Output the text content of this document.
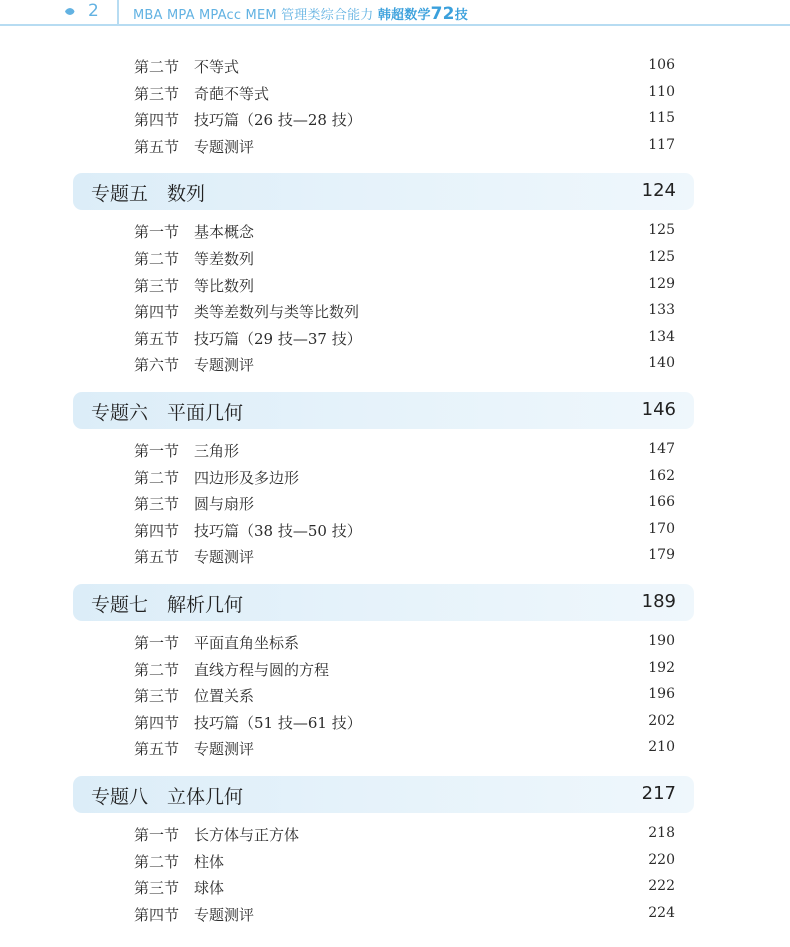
2	MBA MPA MPAcc MEM 管理类综合能力 韩超数学72技
第二节　不等式	106
第三节　奇葩不等式	110
第四节　技巧篇（26 技—28 技）	115
第五节　专题测评	117
专题五　数列	124
第一节　基本概念	125
第二节　等差数列	125
第三节　等比数列	129
第四节　类等差数列与类等比数列	133
第五节　技巧篇（29 技—37 技）	134
第六节　专题测评	140
专题六　平面几何	146
第一节　三角形	147
第二节　四边形及多边形	162
第三节　圆与扇形	166
第四节　技巧篇（38 技—50 技）	170
第五节　专题测评	179
专题七　解析几何	189
第一节　平面直角坐标系	190
第二节　直线方程与圆的方程	192
第三节　位置关系	196
第四节　技巧篇（51 技—61 技）	202
第五节　专题测评	210
专题八　立体几何	217
第一节　长方体与正方体	218
第二节　柱体	220
第三节　球体	222
第四节　专题测评	224
